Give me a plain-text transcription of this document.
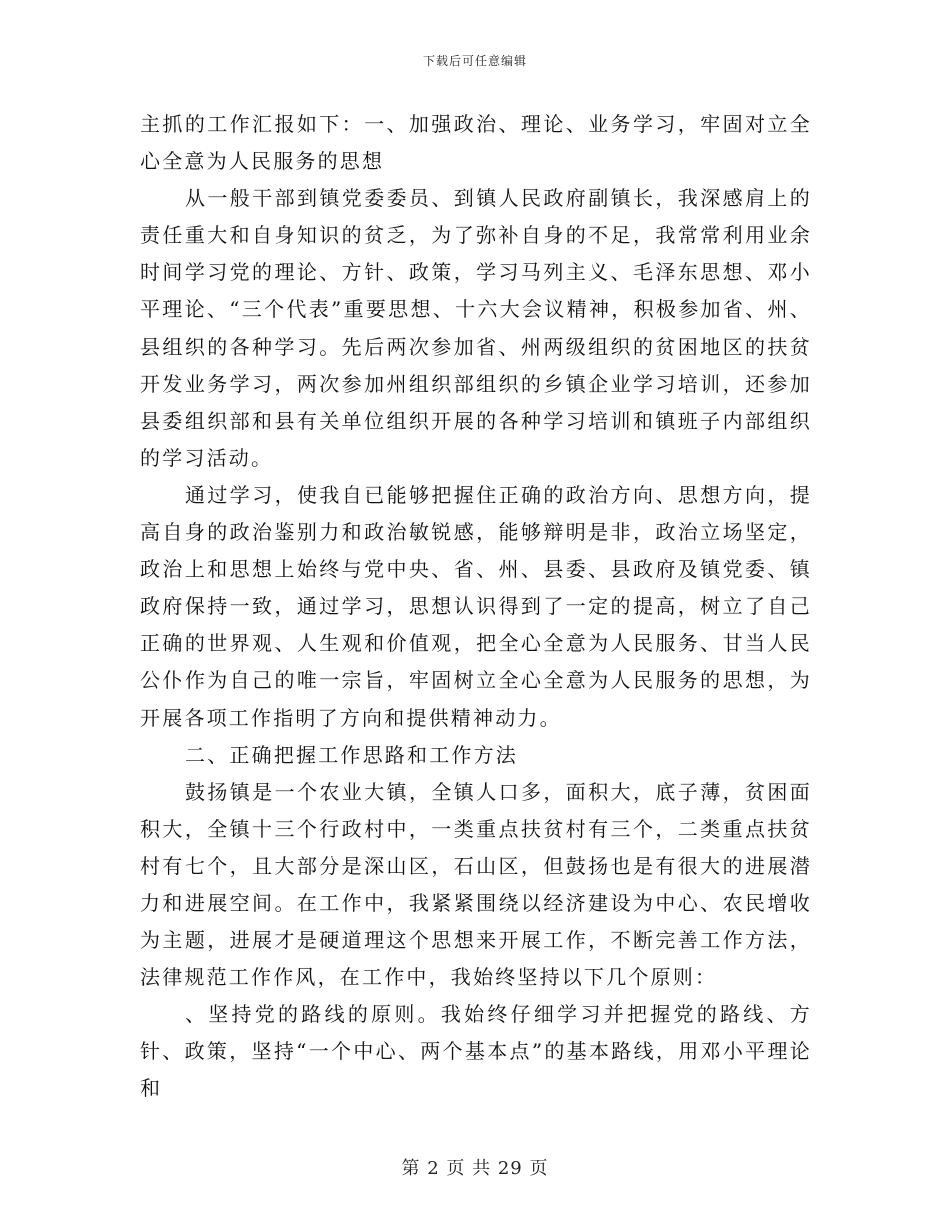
下载后可任意编辑

主抓的工作汇报如下：一、加强政治、理论、业务学习，牢固对立全心全意为人民服务的思想

从一般干部到镇党委委员、到镇人民政府副镇长，我深感肩上的责任重大和自身知识的贫乏，为了弥补自身的不足，我常常利用业余时间学习党的理论、方针、政策，学习马列主义、毛泽东思想、邓小平理论、“三个代表”重要思想、十六大会议精神，积极参加省、州、县组织的各种学习。先后两次参加省、州两级组织的贫困地区的扶贫开发业务学习，两次参加州组织部组织的乡镇企业学习培训，还参加县委组织部和县有关单位组织开展的各种学习培训和镇班子内部组织的学习活动。

通过学习，使我自已能够把握住正确的政治方向、思想方向，提高自身的政治鉴别力和政治敏锐感，能够辩明是非，政治立场坚定，政治上和思想上始终与党中央、省、州、县委、县政府及镇党委、镇政府保持一致，通过学习，思想认识得到了一定的提高，树立了自己正确的世界观、人生观和价值观，把全心全意为人民服务、甘当人民公仆作为自己的唯一宗旨，牢固树立全心全意为人民服务的思想，为开展各项工作指明了方向和提供精神动力。

二、正确把握工作思路和工作方法

鼓扬镇是一个农业大镇，全镇人口多，面积大，底子薄，贫困面积大，全镇十三个行政村中，一类重点扶贫村有三个，二类重点扶贫村有七个，且大部分是深山区，石山区，但鼓扬也是有很大的进展潜力和进展空间。在工作中，我紧紧围绕以经济建设为中心、农民增收为主题，进展才是硬道理这个思想来开展工作，不断完善工作方法，法律规范工作作风，在工作中，我始终坚持以下几个原则：

、坚持党的路线的原则。我始终仔细学习并把握党的路线、方针、政策，坚持“一个中心、两个基本点”的基本路线，用邓小平理论和

第 2 页 共 29 页
